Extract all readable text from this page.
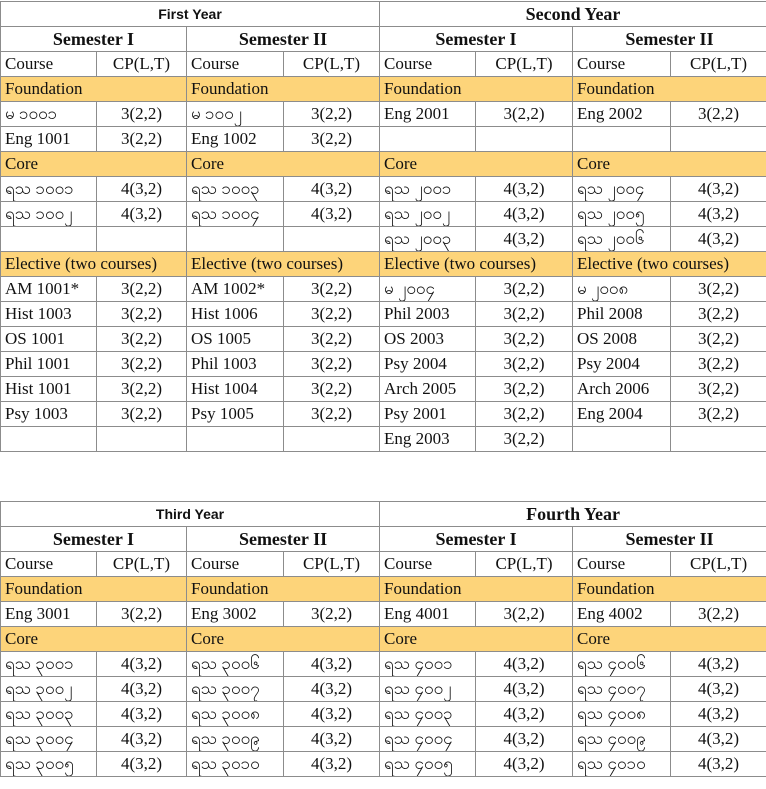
First Year				Second Year			
Semester I		Semester II		Semester I		Semester II	
Course	CP(L,T)	Course	CP(L,T)	Course	CP(L,T)	Course	CP(L,T)
Foundation		Foundation		Foundation		Foundation	
မ ၁၀၀၁	3(2,2)	မ ၁၀၀၂	3(2,2)	Eng 2001	3(2,2)	Eng 2002	3(2,2)
Eng 1001	3(2,2)	Eng 1002	3(2,2)				
Core		Core		Core		Core	
ရသ ၁၀၀၁	4(3,2)	ရသ ၁၀၀၃	4(3,2)	ရသ ၂၀၀၁	4(3,2)	ရသ ၂၀၀၄	4(3,2)
ရသ ၁၀၀၂	4(3,2)	ရသ ၁၀၀၄	4(3,2)	ရသ ၂၀၀၂	4(3,2)	ရသ ၂၀၀၅	4(3,2)
				ရသ ၂၀၀၃	4(3,2)	ရသ ၂၀၀၆	4(3,2)
Elective (two courses)		Elective (two courses)		Elective (two courses)		Elective (two courses)	
AM 1001*	3(2,2)	AM 1002*	3(2,2)	မ ၂၀၀၄	3(2,2)	မ ၂၀၀၈	3(2,2)
Hist 1003	3(2,2)	Hist 1006	3(2,2)	Phil 2003	3(2,2)	Phil 2008	3(2,2)
OS 1001	3(2,2)	OS 1005	3(2,2)	OS 2003	3(2,2)	OS 2008	3(2,2)
Phil 1001	3(2,2)	Phil 1003	3(2,2)	Psy 2004	3(2,2)	Psy 2004	3(2,2)
Hist 1001	3(2,2)	Hist 1004	3(2,2)	Arch 2005	3(2,2)	Arch 2006	3(2,2)
Psy 1003	3(2,2)	Psy 1005	3(2,2)	Psy 2001	3(2,2)	Eng 2004	3(2,2)
				Eng 2003	3(2,2)		
Third Year				Fourth Year			
Semester I		Semester II		Semester I		Semester II	
Course	CP(L,T)	Course	CP(L,T)	Course	CP(L,T)	Course	CP(L,T)
Foundation		Foundation		Foundation		Foundation	
Eng 3001	3(2,2)	Eng 3002	3(2,2)	Eng 4001	3(2,2)	Eng 4002	3(2,2)
Core		Core		Core		Core	
ရသ ၃၀၀၁	4(3,2)	ရသ ၃၀၀၆	4(3,2)	ရသ ၄၀၀၁	4(3,2)	ရသ ၄၀၀၆	4(3,2)
ရသ ၃၀၀၂	4(3,2)	ရသ ၃၀၀၇	4(3,2)	ရသ ၄၀၀၂	4(3,2)	ရသ ၄၀၀၇	4(3,2)
ရသ ၃၀၀၃	4(3,2)	ရသ ၃၀၀၈	4(3,2)	ရသ ၄၀၀၃	4(3,2)	ရသ ၄၀၀၈	4(3,2)
ရသ ၃၀၀၄	4(3,2)	ရသ ၃၀၀၉	4(3,2)	ရသ ၄၀၀၄	4(3,2)	ရသ ၄၀၀၉	4(3,2)
ရသ ၃၀၀၅	4(3,2)	ရသ ၃၀၁၀	4(3,2)	ရသ ၄၀၀၅	4(3,2)	ရသ ၄၀၁၀	4(3,2)
